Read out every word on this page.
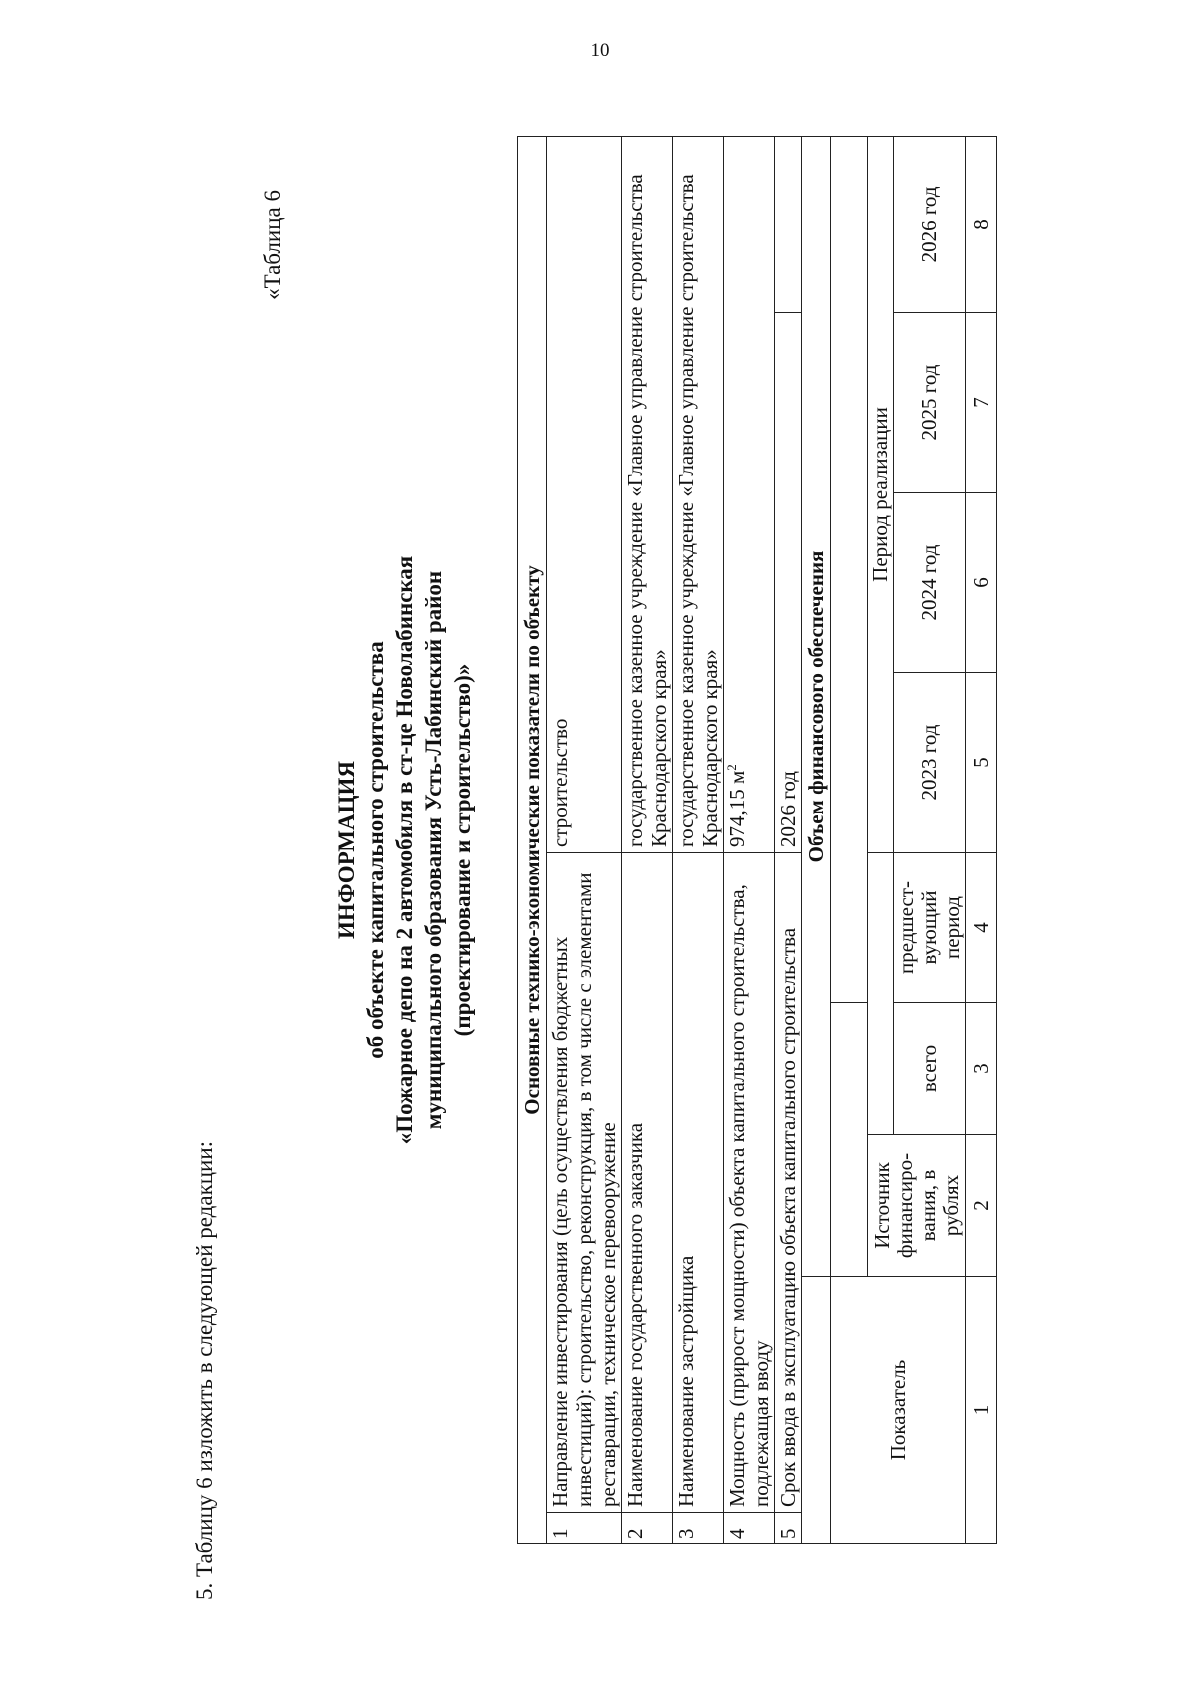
10
5. Таблицу 6 изложить в следующей редакции:
«Таблица 6
ИНФОРМАЦИЯ об объекте капитального строительства «Пожарное депо на 2 автомобиля в ст-це Новолабинская муниципального образования Усть-Лабинский район (проектирование и строительство)» Основные технико-экономические показатели по объекту								
1	Направление инвестирования (цель осуществления бюджетных инвестиций): строительство, реконструкция, в том числе с элементами реставрации, техническое перевооружение				строительство			
2	Наименование государственного заказчика				государственное казенное учреждение «Главное управление строительства Краснодарского края»			
3	Наименование застройщика				государственное казенное учреждение «Главное управление строительства Краснодарского края»			
4	Мощность (прирост мощности) объекта капитального строительства, подлежащая вводу				974,15 $м^2$
5	Срок ввода в эксплуатацию объекта капитального строительства				2026 год			
		Объем финансового обеспечения						
Показатель								
		Источник финансиро-вания, в рублях			Период реализации			
			всего	предшест-вующий период	2023 год	2024 год	2025 год	2026 год
1		2	3	4	5	6	7	8
